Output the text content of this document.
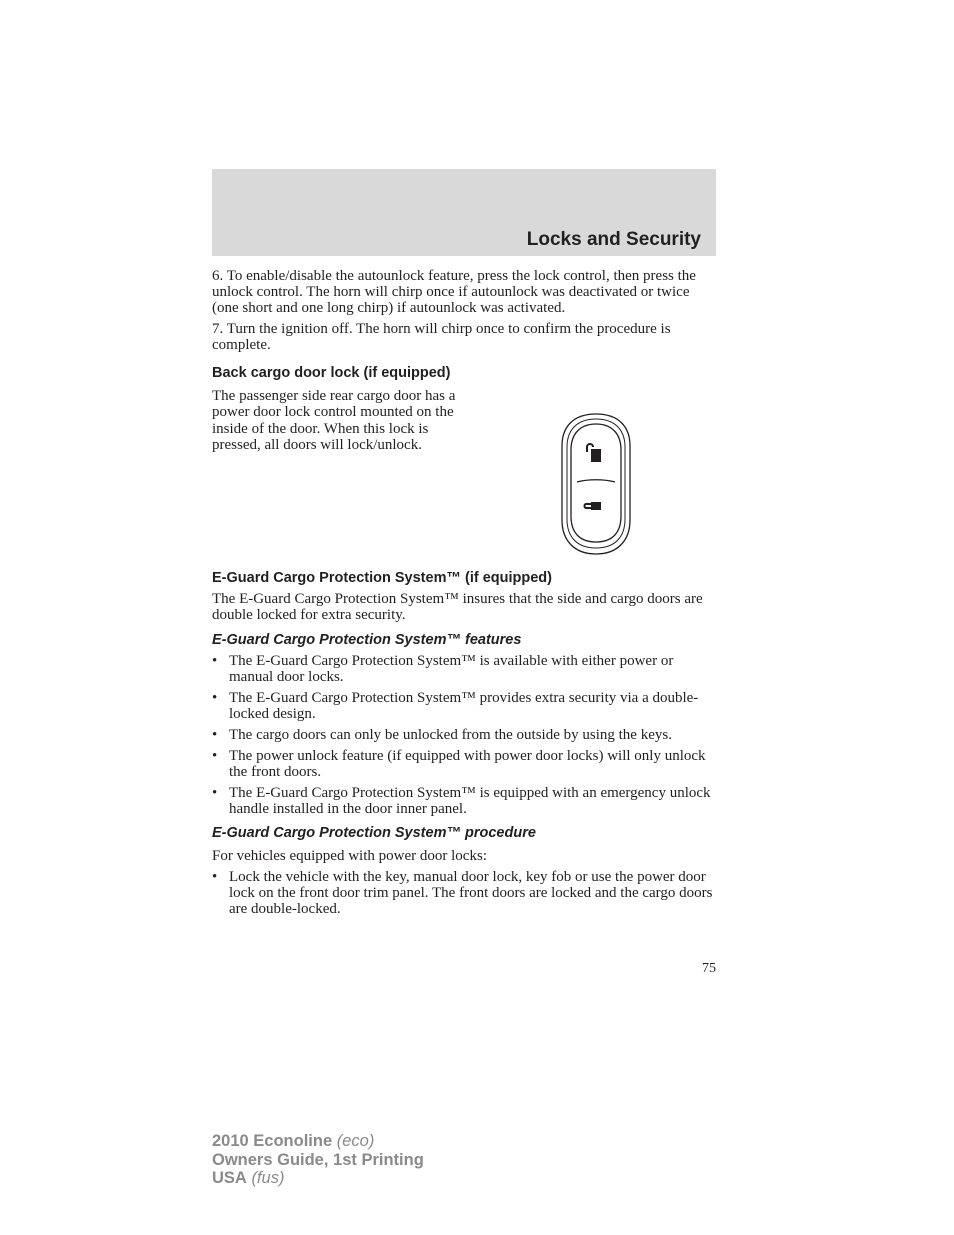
Locks and Security

6. To enable/disable the autounlock feature, press the lock control, then press the unlock control. The horn will chirp once if autounlock was deactivated or twice (one short and one long chirp) if autounlock was activated.

7. Turn the ignition off. The horn will chirp once to confirm the procedure is complete.

Back cargo door lock (if equipped)

The passenger side rear cargo door has a power door lock control mounted on the inside of the door. When this lock is pressed, all doors will lock/unlock.

E-Guard Cargo Protection System™ (if equipped)

The E-Guard Cargo Protection System™ insures that the side and cargo doors are double locked for extra security.

E-Guard Cargo Protection System™ features
• The E-Guard Cargo Protection System™ is available with either power or manual door locks.
• The E-Guard Cargo Protection System™ provides extra security via a double-locked design.
• The cargo doors can only be unlocked from the outside by using the keys.
• The power unlock feature (if equipped with power door locks) will only unlock the front doors.
• The E-Guard Cargo Protection System™ is equipped with an emergency unlock handle installed in the door inner panel.
E-Guard Cargo Protection System™ procedure

For vehicles equipped with power door locks:

• Lock the vehicle with the key, manual door lock, key fob or use the power door lock on the front door trim panel. The front doors are locked and the cargo doors are double-locked.
75
2010 Econoline (eco)
Owners Guide, 1st Printing
USA (fus)
